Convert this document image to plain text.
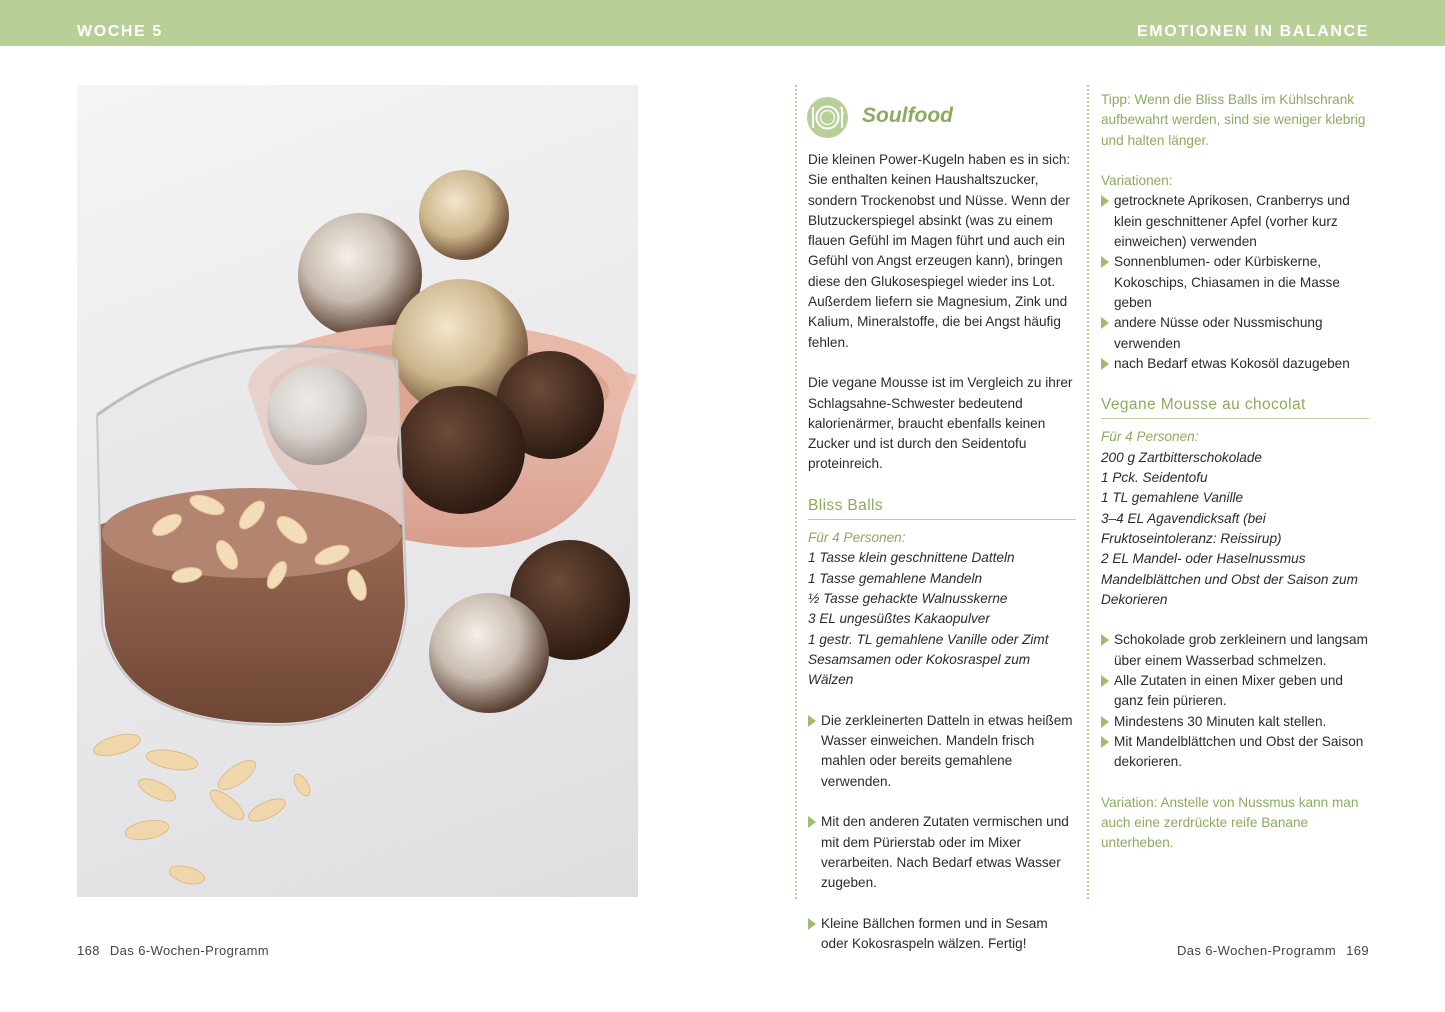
WOCHE 5	EMOTIONEN IN BALANCE
Soulfood

Die kleinen Power-Kugeln haben es in sich: Sie enthalten keinen Haushaltszucker, sondern Trockenobst und Nüsse. Wenn der Blutzuckerspiegel absinkt (was zu einem flauen Gefühl im Magen führt und auch ein Gefühl von Angst erzeugen kann), bringen diese den Glukosespiegel wieder ins Lot. Außerdem liefern sie Magnesium, Zink und Kalium, Mineralstoffe, die bei Angst häufig fehlen.

Die vegane Mousse ist im Vergleich zu ihrer Schlagsahne-Schwester bedeutend kalorienärmer, braucht ebenfalls keinen Zucker und ist durch den Seidentofu proteinreich.

Bliss Balls

Für 4 Personen:

1 Tasse klein geschnittene Datteln

1 Tasse gemahlene Mandeln

½ Tasse gehackte Walnusskerne

3 EL ungesüßtes Kakaopulver

1 gestr. TL gemahlene Vanille oder Zimt

Sesamsamen oder Kokosraspel zum Wälzen

Die zerkleinerten Datteln in etwas heißem Wasser einweichen. Mandeln frisch mahlen oder bereits gemahlene verwenden.

Mit den anderen Zutaten vermischen und mit dem Pürierstab oder im Mixer verarbeiten. Nach Bedarf etwas Wasser zugeben.

Kleine Bällchen formen und in Sesam oder Kokosraspeln wälzen. Fertig!

Tipp: Wenn die Bliss Balls im Kühlschrank aufbewahrt werden, sind sie weniger klebrig und halten länger.

Variationen:

getrocknete Aprikosen, Cranberrys und klein geschnittener Apfel (vorher kurz einweichen) verwenden

Sonnenblumen- oder Kürbiskerne, Kokoschips, Chiasamen in die Masse geben

andere Nüsse oder Nussmischung verwenden

nach Bedarf etwas Kokosöl dazugeben

Vegane Mousse au chocolat

Für 4 Personen:

200 g Zartbitterschokolade

1 Pck. Seidentofu

1 TL gemahlene Vanille

3–4 EL Agavendicksaft (bei Fruktoseintoleranz: Reissirup)

2 EL Mandel- oder Haselnussmus

Mandelblättchen und Obst der Saison zum Dekorieren

Schokolade grob zerkleinern und langsam über einem Wasserbad schmelzen.

Alle Zutaten in einen Mixer geben und ganz fein pürieren.

Mindestens 30 Minuten kalt stellen.

Mit Mandelblättchen und Obst der Saison dekorieren.

Variation: Anstelle von Nussmus kann man auch eine zerdrückte reife Banane unterheben.

168 Das 6-Wochen-Programm	Das 6-Wochen-Programm 169
